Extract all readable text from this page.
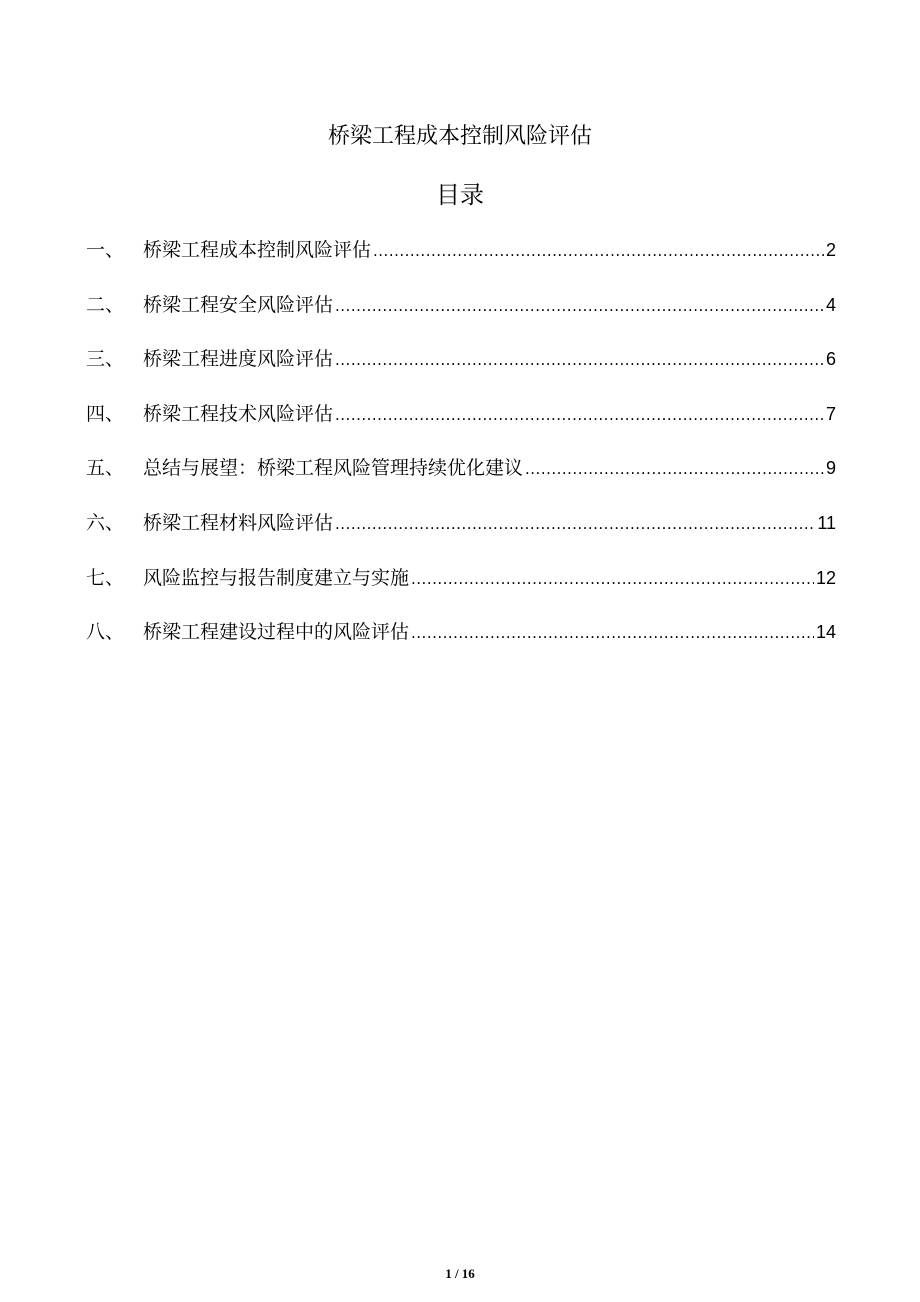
桥梁工程成本控制风险评估
目录
一、 桥梁工程成本控制风险评估 .....	2
二、 桥梁工程安全风险评估 .....	4
三、 桥梁工程进度风险评估 .....	6
四、 桥梁工程技术风险评估 .....	7
五、 总结与展望：桥梁工程风险管理持续优化建议 .....	9
六、 桥梁工程材料风险评估 .....	11
七、 风险监控与报告制度建立与实施 .....	12
八、 桥梁工程建设过程中的风险评估 .....	14
1 / 16
